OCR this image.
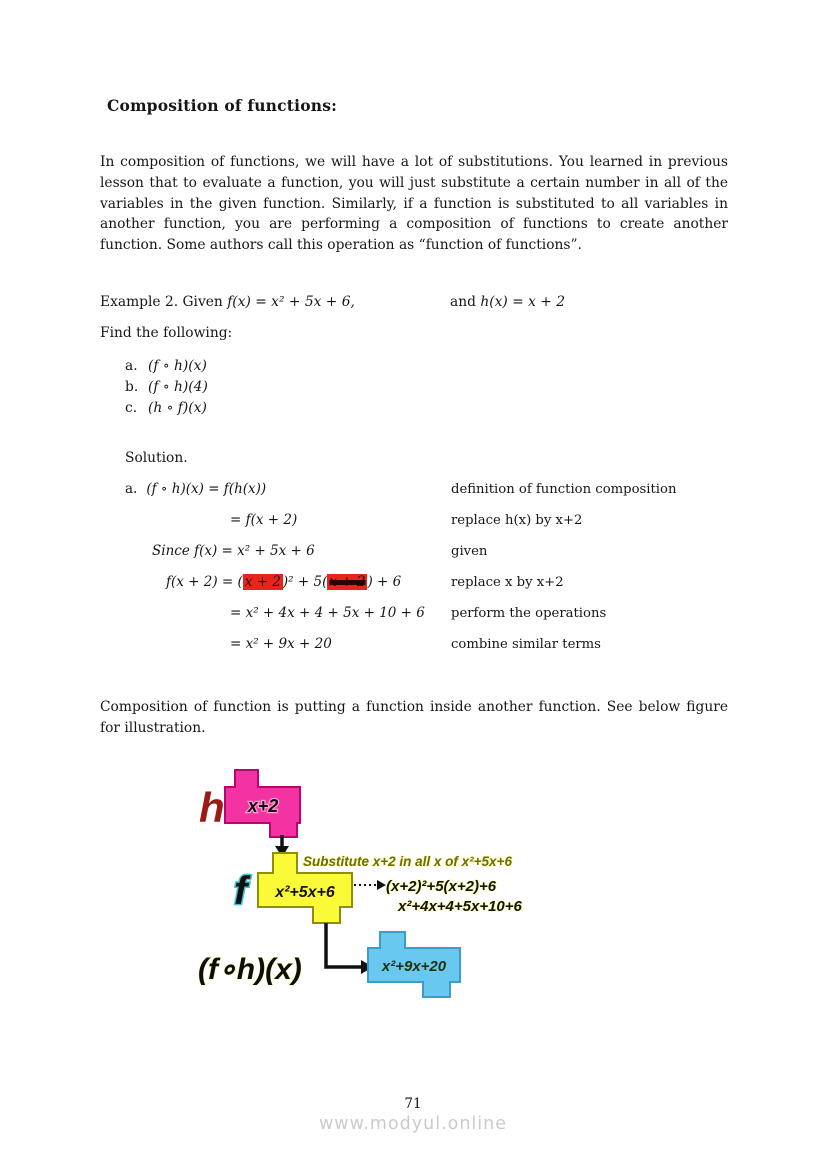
Composition of functions:
In composition of functions, we will have a lot of substitutions. You learned in previous lesson that to evaluate a function, you will just substitute a certain number in all of the variables in the given function. Similarly, if a function is substituted to all variables in another function, you are performing a composition of functions to create another function. Some authors call this operation as “function of functions”.
Example 2. Given f(x) = x² + 5x + 6,	and h(x) = x + 2
Find the following:
a. (f ∘ h)(x)
b. (f ∘ h)(4)
c. (h ∘ f)(x)
Solution.
a. (f ∘ h)(x) = f(h(x))	definition of function composition
= f(x + 2)	replace h(x) by x+2
Since f(x) = x² + 5x + 6	given
f(x + 2) = ( x + 2 )² + 5( x + 2 ) + 6	replace x by x+2
= x² + 4x + 4 + 5x + 10 + 6 perform the operations
= x² + 9x + 20	combine similar terms
Composition of function is putting a function inside another function. See below figure for illustration.
h x+2
f x²+5x+6
Substitute x+2 in all x of x²+5x+6
(x+2)²+5(x+2)+6
x²+4x+4+5x+10+6
(f∘h)(x)	x²+9x+20
71
www.modyul.online
